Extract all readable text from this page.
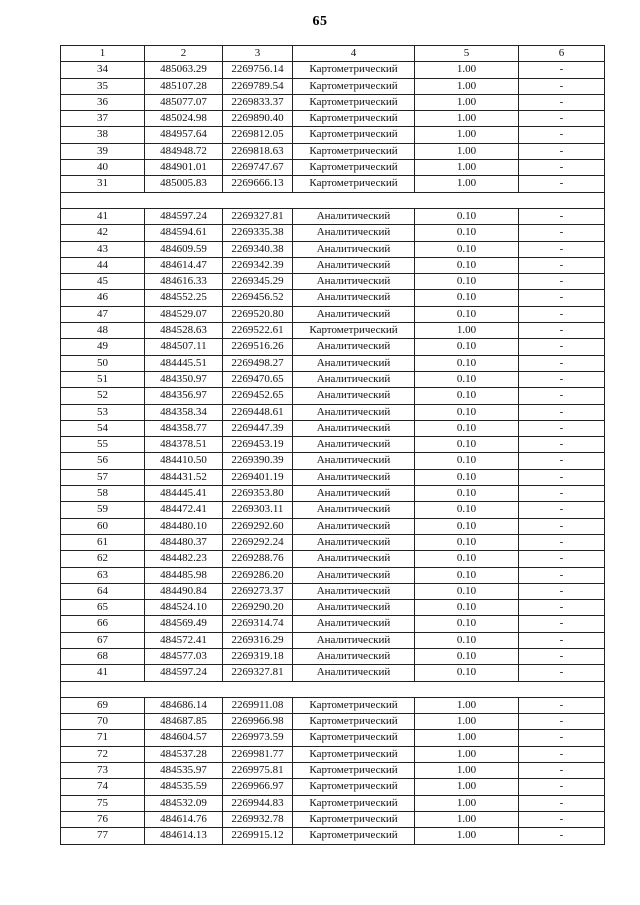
65
1	2	3	4	5	6
34	485063.29	2269756.14	Картометрический	1.00	-
35	485107.28	2269789.54	Картометрический	1.00	-
36	485077.07	2269833.37	Картометрический	1.00	-
37	485024.98	2269890.40	Картометрический	1.00	-
38	484957.64	2269812.05	Картометрический	1.00	-
39	484948.72	2269818.63	Картометрический	1.00	-
40	484901.01	2269747.67	Картометрический	1.00	-
31	485005.83	2269666.13	Картометрический	1.00	-

41	484597.24	2269327.81	Аналитический	0.10	-
42	484594.61	2269335.38	Аналитический	0.10	-
43	484609.59	2269340.38	Аналитический	0.10	-
44	484614.47	2269342.39	Аналитический	0.10	-
45	484616.33	2269345.29	Аналитический	0.10	-
46	484552.25	2269456.52	Аналитический	0.10	-
47	484529.07	2269520.80	Аналитический	0.10	-
48	484528.63	2269522.61	Картометрический	1.00	-
49	484507.11	2269516.26	Аналитический	0.10	-
50	484445.51	2269498.27	Аналитический	0.10	-
51	484350.97	2269470.65	Аналитический	0.10	-
52	484356.97	2269452.65	Аналитический	0.10	-
53	484358.34	2269448.61	Аналитический	0.10	-
54	484358.77	2269447.39	Аналитический	0.10	-
55	484378.51	2269453.19	Аналитический	0.10	-
56	484410.50	2269390.39	Аналитический	0.10	-
57	484431.52	2269401.19	Аналитический	0.10	-
58	484445.41	2269353.80	Аналитический	0.10	-
59	484472.41	2269303.11	Аналитический	0.10	-
60	484480.10	2269292.60	Аналитический	0.10	-
61	484480.37	2269292.24	Аналитический	0.10	-
62	484482.23	2269288.76	Аналитический	0.10	-
63	484485.98	2269286.20	Аналитический	0.10	-
64	484490.84	2269273.37	Аналитический	0.10	-
65	484524.10	2269290.20	Аналитический	0.10	-
66	484569.49	2269314.74	Аналитический	0.10	-
67	484572.41	2269316.29	Аналитический	0.10	-
68	484577.03	2269319.18	Аналитический	0.10	-
41	484597.24	2269327.81	Аналитический	0.10	-

69	484686.14	2269911.08	Картометрический	1.00	-
70	484687.85	2269966.98	Картометрический	1.00	-
71	484604.57	2269973.59	Картометрический	1.00	-
72	484537.28	2269981.77	Картометрический	1.00	-
73	484535.97	2269975.81	Картометрический	1.00	-
74	484535.59	2269966.97	Картометрический	1.00	-
75	484532.09	2269944.83	Картометрический	1.00	-
76	484614.76	2269932.78	Картометрический	1.00	-
77	484614.13	2269915.12	Картометрический	1.00	-
